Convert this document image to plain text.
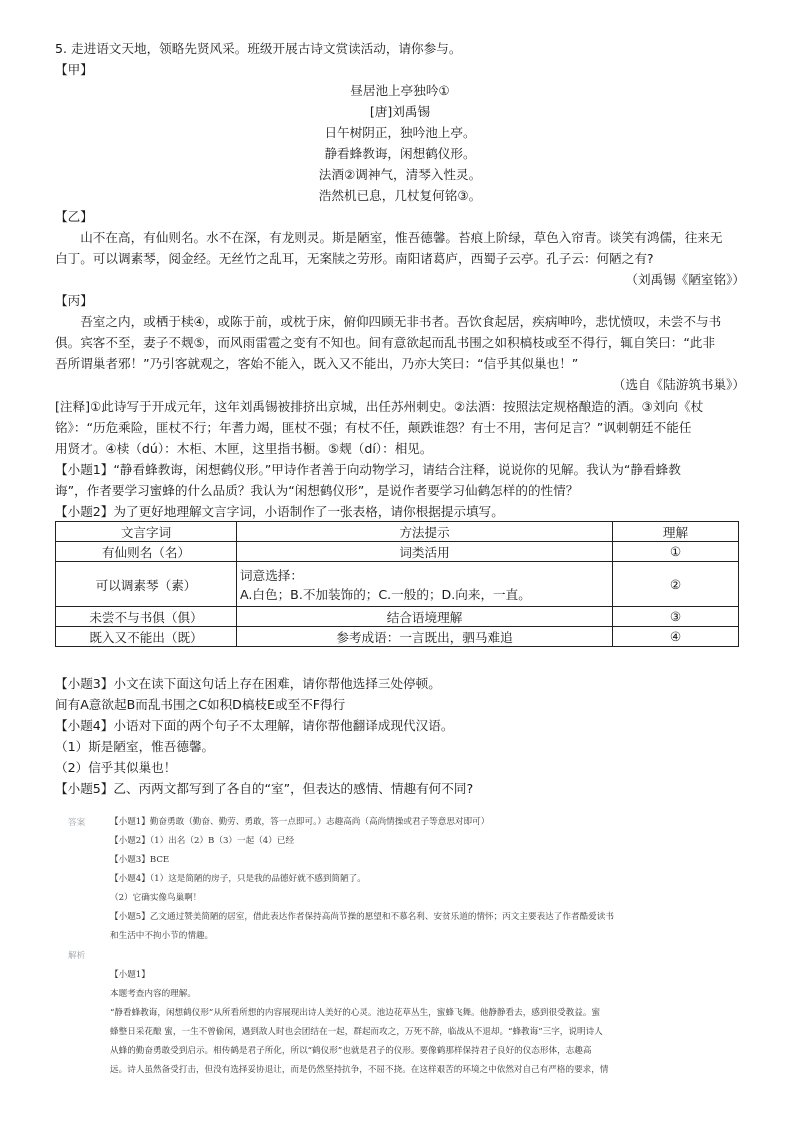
5. 走进语文天地，领略先贤风采。班级开展古诗文赏读活动，请你参与。
【甲】
昼居池上亭独吟①
[唐]刘禹锡
日午树阴正，独吟池上亭。
静看蜂教诲，闲想鹤仪形。
法酒②调神气，清琴入性灵。
浩然机已息，几杖复何铭③。
【乙】
山不在高，有仙则名。水不在深，有龙则灵。斯是陋室，惟吾德馨。苔痕上阶绿，草色入帘青。谈笑有鸿儒，往来无
白丁。可以调素琴，阅金经。无丝竹之乱耳，无案牍之劳形。南阳诸葛庐，西蜀子云亭。孔子云：何陋之有?
（刘禹锡《陋室铭》）
【丙】
吾室之内，或栖于椟④，或陈于前，或枕于床，俯仰四顾无非书者。吾饮食起居，疾病呻吟，悲忧愤叹，未尝不与书
俱。宾客不至，妻子不觌⑤，而风雨雷雹之变有不知也。间有意欲起而乱书围之如积槁枝或至不得行，辄自笑曰：“此非
吾所谓巢者邪！”乃引客就观之，客始不能入，既入又不能出，乃亦大笑曰：“信乎其似巢也！”
（选自《陆游筑书巢》）
[注释]①此诗写于开成元年，这年刘禹锡被排挤出京城，出任苏州刺史。②法酒：按照法定规格酿造的酒。③刘向《杖
铭》：“历危乘险，匪杖不行；年耆力竭，匪杖不强；有杖不任，颠跌谁怨？有士不用，害何足言？”讽刺朝廷不能任
用贤才。④椟（dú）：木柜、木匣，这里指书橱。⑤觌（dí）：相见。
【小题1】“静看蜂教诲，闲想鹤仪形。”甲诗作者善于向动物学习，请结合注释，说说你的见解。我认为“静看蜂教
诲”，作者要学习蜜蜂的什么品质？我认为“闲想鹤仪形”，是说作者要学习仙鹤怎样的的性情？
【小题2】为了更好地理解文言字词，小语制作了一张表格，请你根据提示填写。
文言字词	方法提示	理解
有仙则名（名）	词类活用	①
可以调素琴（素）	词意选择：
A.白色；B.不加装饰的；C.一般的；D.向来，一直。	②
未尝不与书俱（俱）	结合语境理解	③
既入又不能出（既）	参考成语：一言既出，驷马难追	④
【小题3】小文在读下面这句话上存在困难，请你帮他选择三处停顿。
间有A意欲起B而乱书围之C如积D槁枝E或至不F得行
【小题4】小语对下面的两个句子不太理解，请你帮他翻译成现代汉语。
（1）斯是陋室，惟吾德馨。
（2）信乎其似巢也！
【小题5】乙、丙两文都写到了各自的“室”，但表达的感情、情趣有何不同?
答案	【小题1】勤奋勇敢（勤奋、勤劳、勇敢，答一点即可。）志趣高尚（高尚情操或君子等意思对即可）
【小题2】（1）出名（2）B（3）一起（4）已经
【小题3】BCE
【小题4】（1）这是简陋的房子，只是我的品德好就不感到简陋了。
（2）它确实像鸟巢啊！
【小题5】乙文通过赞美简陋的居室，借此表达作者保持高尚节操的愿望和不慕名利、安贫乐道的情怀；丙文主要表达了作者酷爱读书
和生活中不拘小节的情趣。
解析
【小题1】
本题考查内容的理解。
“静看蜂教诲，闲想鹤仪形”从所看所想的内容展现出诗人美好的心灵。池边花草丛生，蜜蜂飞舞。他静静看去，感到很受教益。蜜
蜂整日采花酿 蜜，一生不曾偷闲，遇到敌人时也会团结在一起，群起而攻之，万死不辞，临战从不退却。“蜂教诲”三字，说明诗人
从蜂的勤奋勇敢受到启示。相传鹤是君子所化，所以“鹤仪形”也就是君子的仪形。要像鹤那样保持君子良好的仪态形体，志趣高
远。诗人虽然备受打击，但没有选择妥协退让，而是仍然坚持抗争，不屈不挠。在这样艰苦的环境之中依然对自己有严格的要求，情
